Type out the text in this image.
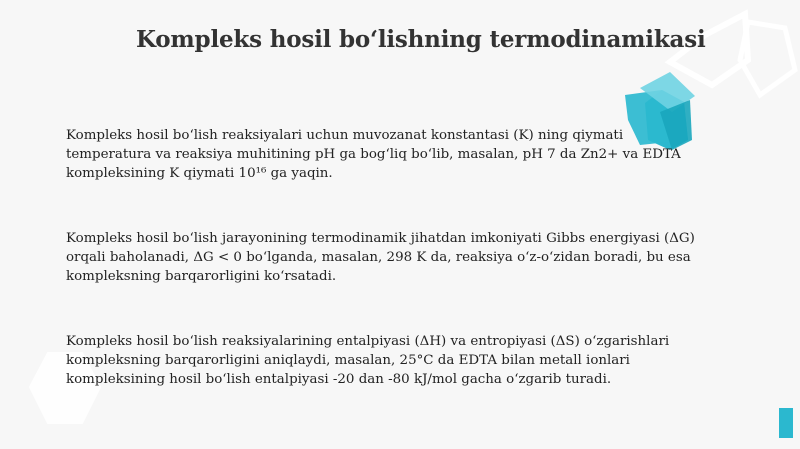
Kompleks hosil boʻlishning termodinamikasi
Kompleks hosil boʻlish reaksiyalari uchun muvozanat konstantasi (K) ning qiymati
temperatura va reaksiya muhitining pH ga bogʻliq boʻlib, masalan, pH 7 da Zn2+ va EDTA
kompleksining K qiymati 10¹⁶ ga yaqin.
Kompleks hosil boʻlish jarayonining termodinamik jihatdan imkoniyati Gibbs energiyasi (ΔG)
orqali baholanadi, ΔG < 0 boʻlganda, masalan, 298 K da, reaksiya oʻz-oʻzidan boradi, bu esa
kompleksning barqarorligini koʻrsatadi.
Kompleks hosil boʻlish reaksiyalarining entalpiyasi (ΔH) va entropiyasi (ΔS) oʻzgarishlari
kompleksning barqarorligini aniqlaydi, masalan, 25°C da EDTA bilan metall ionlari
kompleksining hosil boʻlish entalpiyasi -20 dan -80 kJ/mol gacha oʻzgarib turadi.
